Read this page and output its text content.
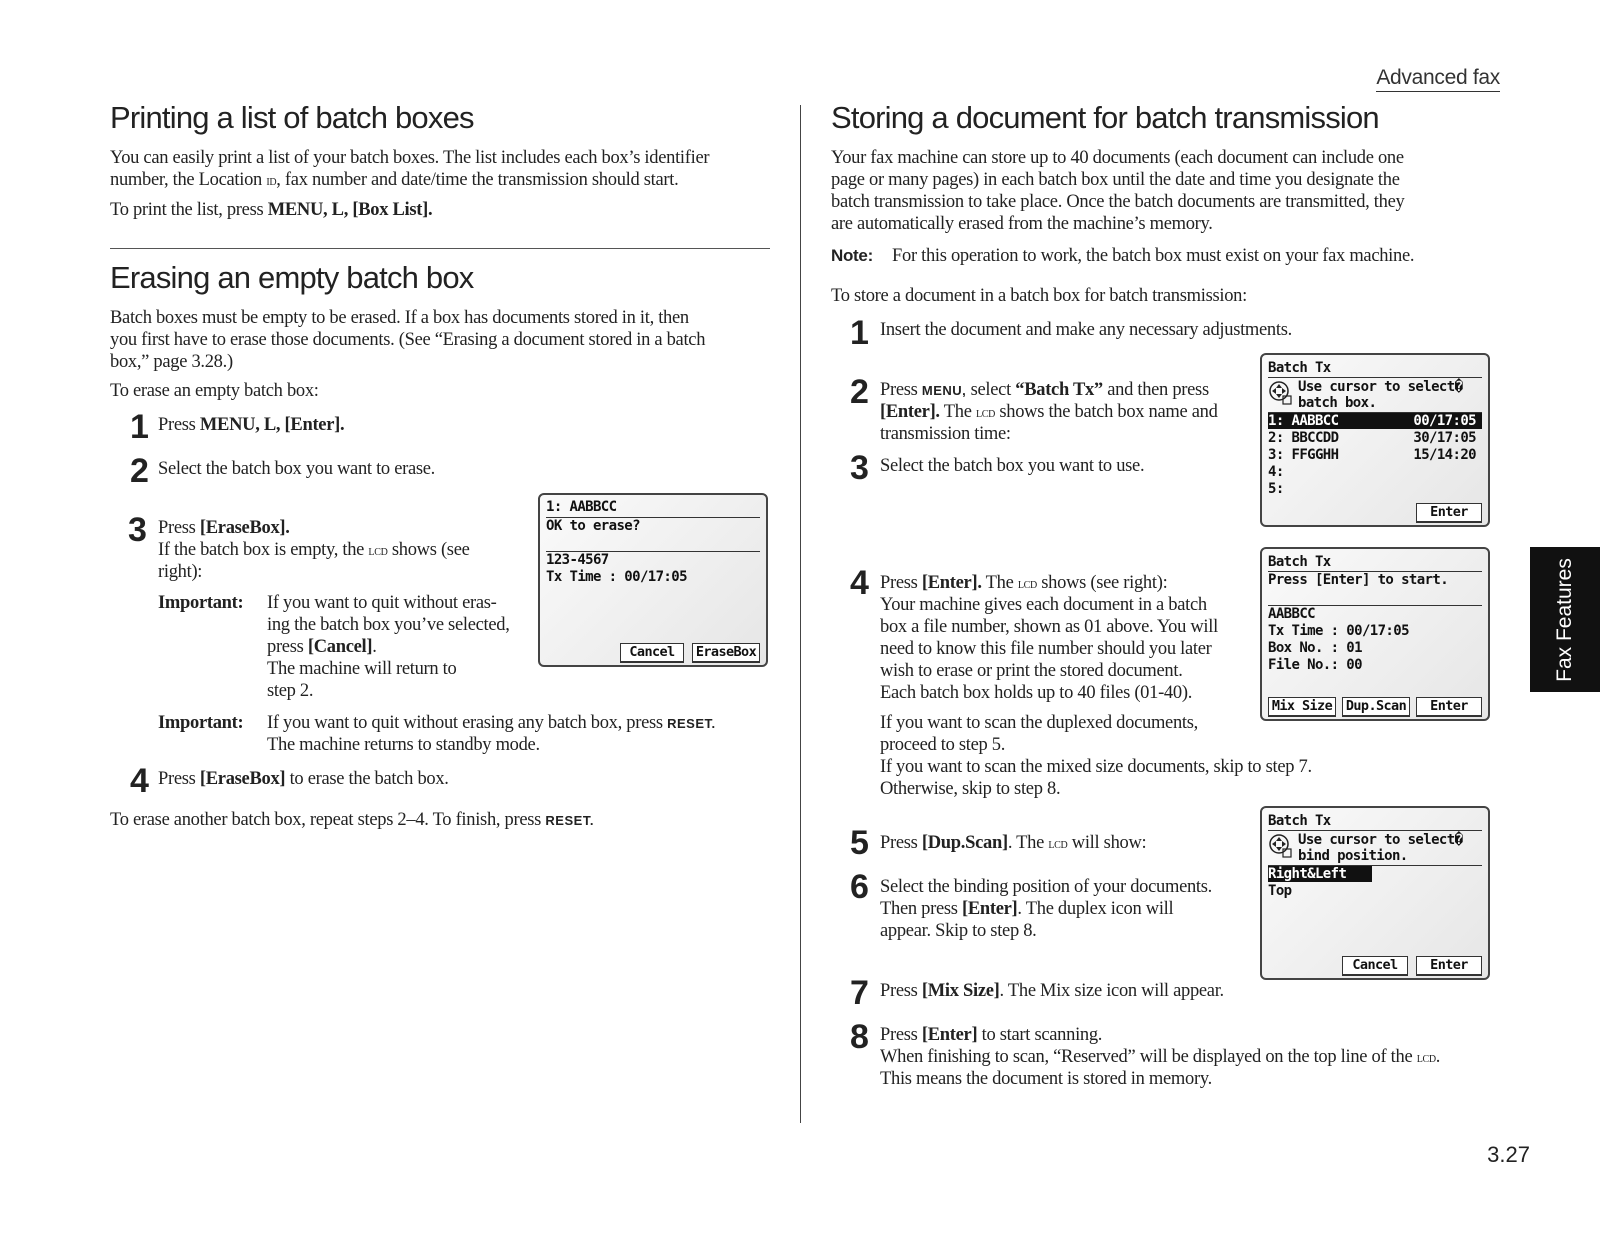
Advanced fax
Printing a list of batch boxes

You can easily print a list of your batch boxes. The list includes each box’s identifier

number, the Location id, fax number and date/time the transmission should start.

To print the list, press MENU, L, [Box List].

Erasing an empty batch box

Batch boxes must be empty to be erased. If a box has documents stored in it, then

you first have to erase those documents. (See “Erasing a document stored in a batch

box,” page 3.28.)

To erase an empty batch box:

1 Press MENU, L, [Enter].

2 Select the batch box you want to erase.

3 Press [EraseBox].

If the batch box is empty, the lcd shows (see

right):

Important: If you want to quit without eras-

ing the batch box you’ve selected,

press [Cancel].

The machine will return to

step 2.

Important: If you want to quit without erasing any batch box, press RESET.

The machine returns to standby mode.

4 Press [EraseBox] to erase the batch box.

To erase another batch box, repeat steps 2–4. To finish, press RESET.

1: AABBCC
OK to erase?
123-4567
Tx Time : 00/17:05
Cancel	EraseBox
Storing a document for batch transmission

Your fax machine can store up to 40 documents (each document can include one

page or many pages) in each batch box until the date and time you designate the

batch transmission to take place. Once the batch documents are transmitted, they

are automatically erased from the machine’s memory.

Note: For this operation to work, the batch box must exist on your fax machine.

To store a document in a batch box for batch transmission:

1 Insert the document and make any necessary adjustments.

2 Press MENU, select “Batch Tx” and then press

[Enter]. The lcd shows the batch box name and

transmission time:

3 Select the batch box you want to use.

4 Press [Enter]. The lcd shows (see right):

Your machine gives each document in a batch

box a file number, shown as 01 above. You will

need to know this file number should you later

wish to erase or print the stored document.

Each batch box holds up to 40 files (01-40).

If you want to scan the duplexed documents,

proceed to step 5.

If you want to scan the mixed size documents, skip to step 7.

Otherwise, skip to step 8.

5 Press [Dup.Scan]. The lcd will show:

6 Select the binding position of your documents.

Then press [Enter]. The duplex icon will

appear. Skip to step 8.

7 Press [Mix Size]. The Mix size icon will appear.

8 Press [Enter] to start scanning.

When finishing to scan, “Reserved” will be displayed on the top line of the lcd.

This means the document is stored in memory.

Batch Tx
Use cursor to select�
batch box.
1: AABBCC	00/17:05
2: BBCCDD	30/17:05
3: FFGGHH	15/14:20
4:
5:
Enter
Batch Tx
Press [Enter] to start.
AABBCC
Tx Time : 00/17:05
Box No. : 01
File No.: 00
Mix Size Dup.Scan	Enter
Batch Tx
Use cursor to select�
bind position.
Right&Left
Top
Cancel	Enter
Fax Features
3.27
